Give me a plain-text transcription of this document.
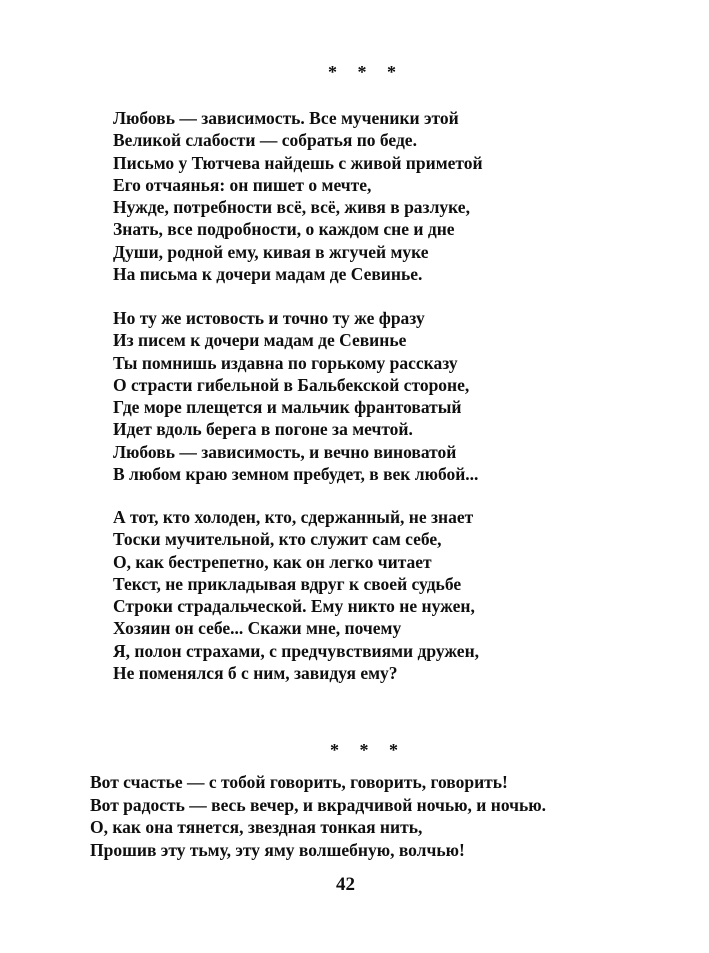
* * *
Любовь — зависимость. Все мученики этой
Великой слабости — собратья по беде.
Письмо у Тютчева найдешь с живой приметой
Его отчаянья: он пишет о мечте,
Нужде, потребности всё, всё, живя в разлуке,
Знать, все подробности, о каждом сне и дне
Души, родной ему, кивая в жгучей муке
На письма к дочери мадам де Севинье.
Но ту же истовость и точно ту же фразу
Из писем к дочери мадам де Севинье
Ты помнишь издавна по горькому рассказу
О страсти гибельной в Бальбекской стороне,
Где море плещется и мальчик франтоватый
Идет вдоль берега в погоне за мечтой.
Любовь — зависимость, и вечно виноватой
В любом краю земном пребудет, в век любой...
А тот, кто холоден, кто, сдержанный, не знает
Тоски мучительной, кто служит сам себе,
О, как бестрепетно, как он легко читает
Текст, не прикладывая вдруг к своей судьбе
Строки страдальческой. Ему никто не нужен,
Хозяин он себе... Скажи мне, почему
Я, полон страхами, с предчувствиями дружен,
Не поменялся б с ним, завидуя ему?
* * *
Вот счастье — с тобой говорить, говорить, говорить!
Вот радость — весь вечер, и вкрадчивой ночью, и ночью.
О, как она тянется, звездная тонкая нить,
Прошив эту тьму, эту яму волшебную, волчью!
42
